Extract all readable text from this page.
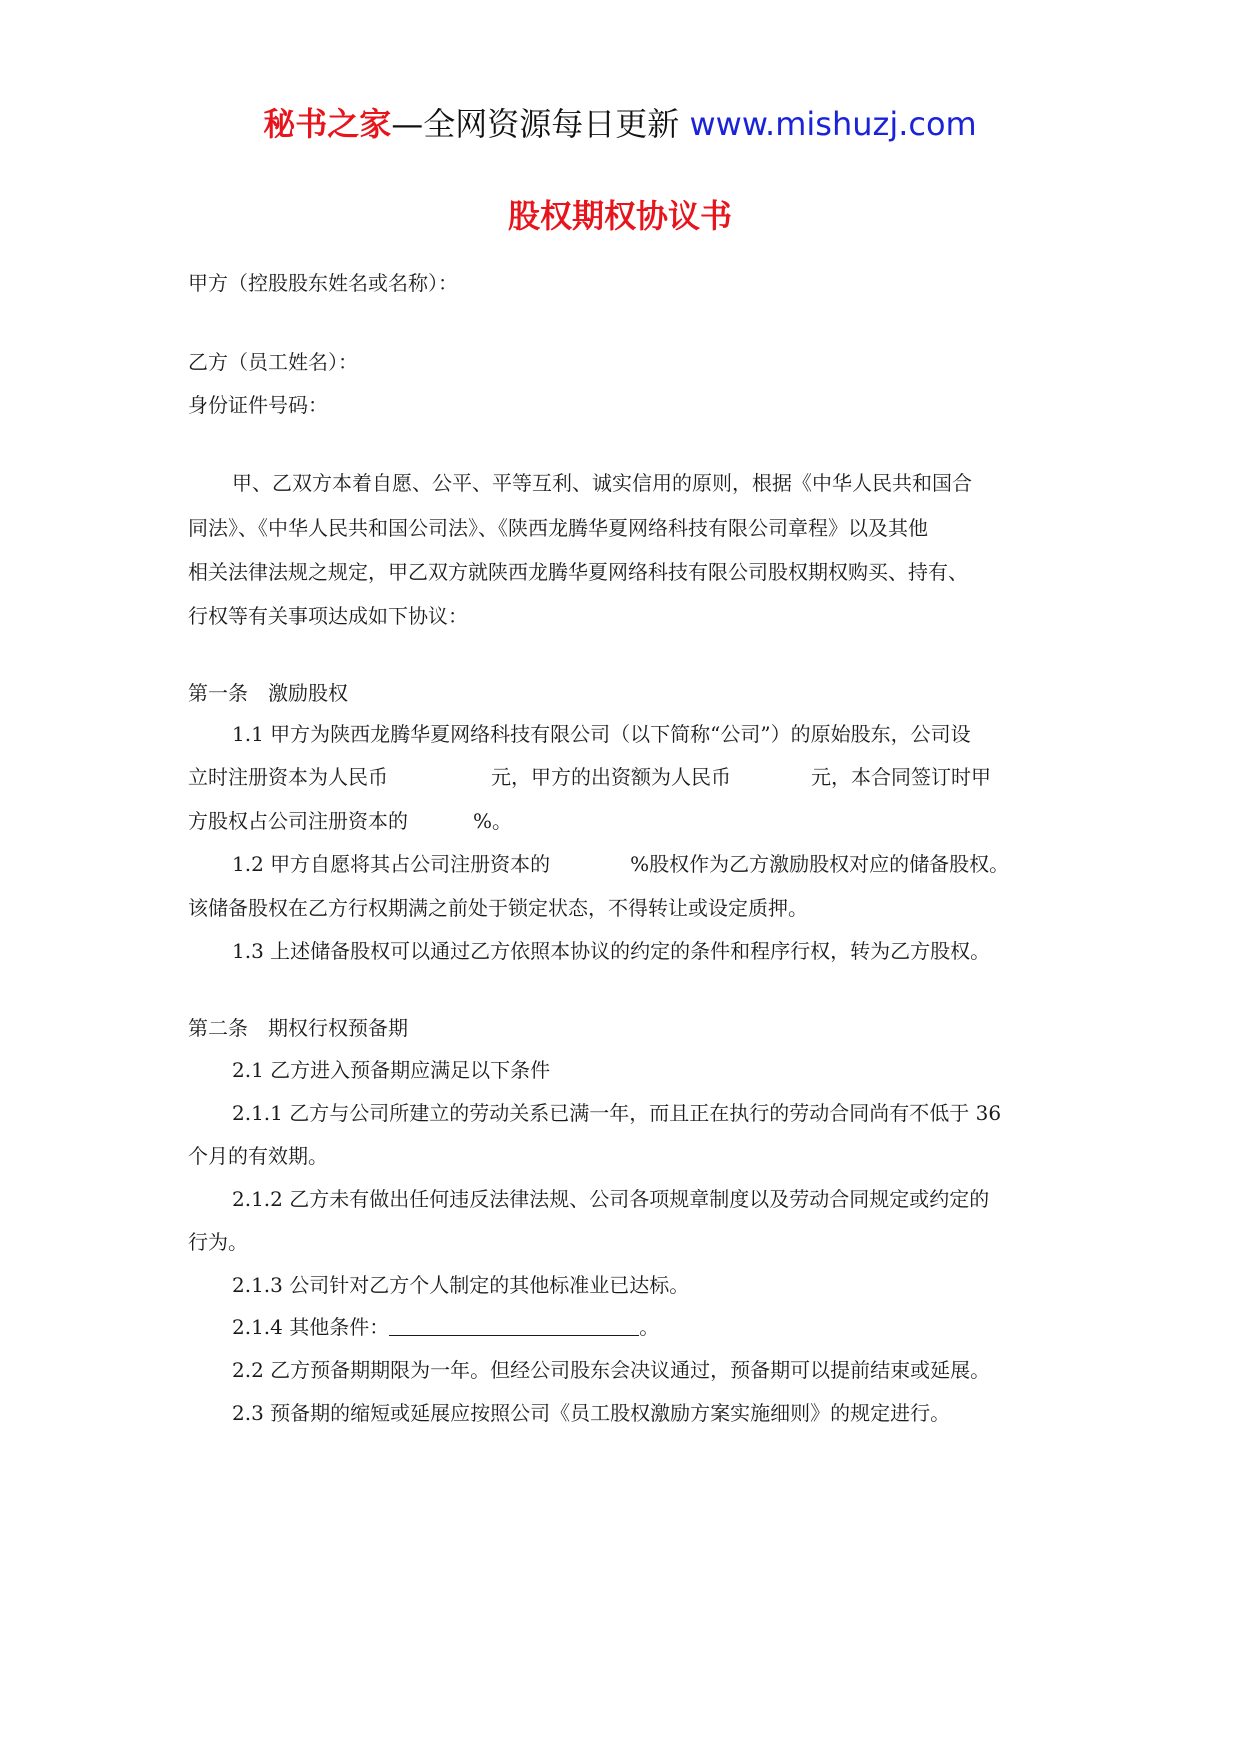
秘书之家—全网资源每日更新 www.mishuzj.com
股权期权协议书
甲方（控股股东姓名或名称）：
乙方（员工姓名）：
身份证件号码：
甲、乙双方本着自愿、公平、平等互利、诚实信用的原则，根据《中华人民共和国合
同法》、《中华人民共和国公司法》、《陕西龙腾华夏网络科技有限公司章程》以及其他
相关法律法规之规定，甲乙双方就陕西龙腾华夏网络科技有限公司股权期权购买、持有、
行权等有关事项达成如下协议：
第一条　激励股权
1.1 甲方为陕西龙腾华夏网络科技有限公司（以下简称“公司”）的原始股东，公司设
立时注册资本为人民币	元，甲方的出资额为人民币	元，本合同签订时甲
方股权占公司注册资本的	%。
1.2 甲方自愿将其占公司注册资本的	%股权作为乙方激励股权对应的储备股权。
该储备股权在乙方行权期满之前处于锁定状态，不得转让或设定质押。
1.3 上述储备股权可以通过乙方依照本协议的约定的条件和程序行权，转为乙方股权。
第二条　期权行权预备期
2.1 乙方进入预备期应满足以下条件
2.1.1 乙方与公司所建立的劳动关系已满一年，而且正在执行的劳动合同尚有不低于 36
个月的有效期。
2.1.2 乙方未有做出任何违反法律法规、公司各项规章制度以及劳动合同规定或约定的
行为。
2.1.3 公司针对乙方个人制定的其他标准业已达标。
2.1.4 其他条件：	。
2.2 乙方预备期期限为一年。但经公司股东会决议通过，预备期可以提前结束或延展。
2.3 预备期的缩短或延展应按照公司《员工股权激励方案实施细则》的规定进行。
